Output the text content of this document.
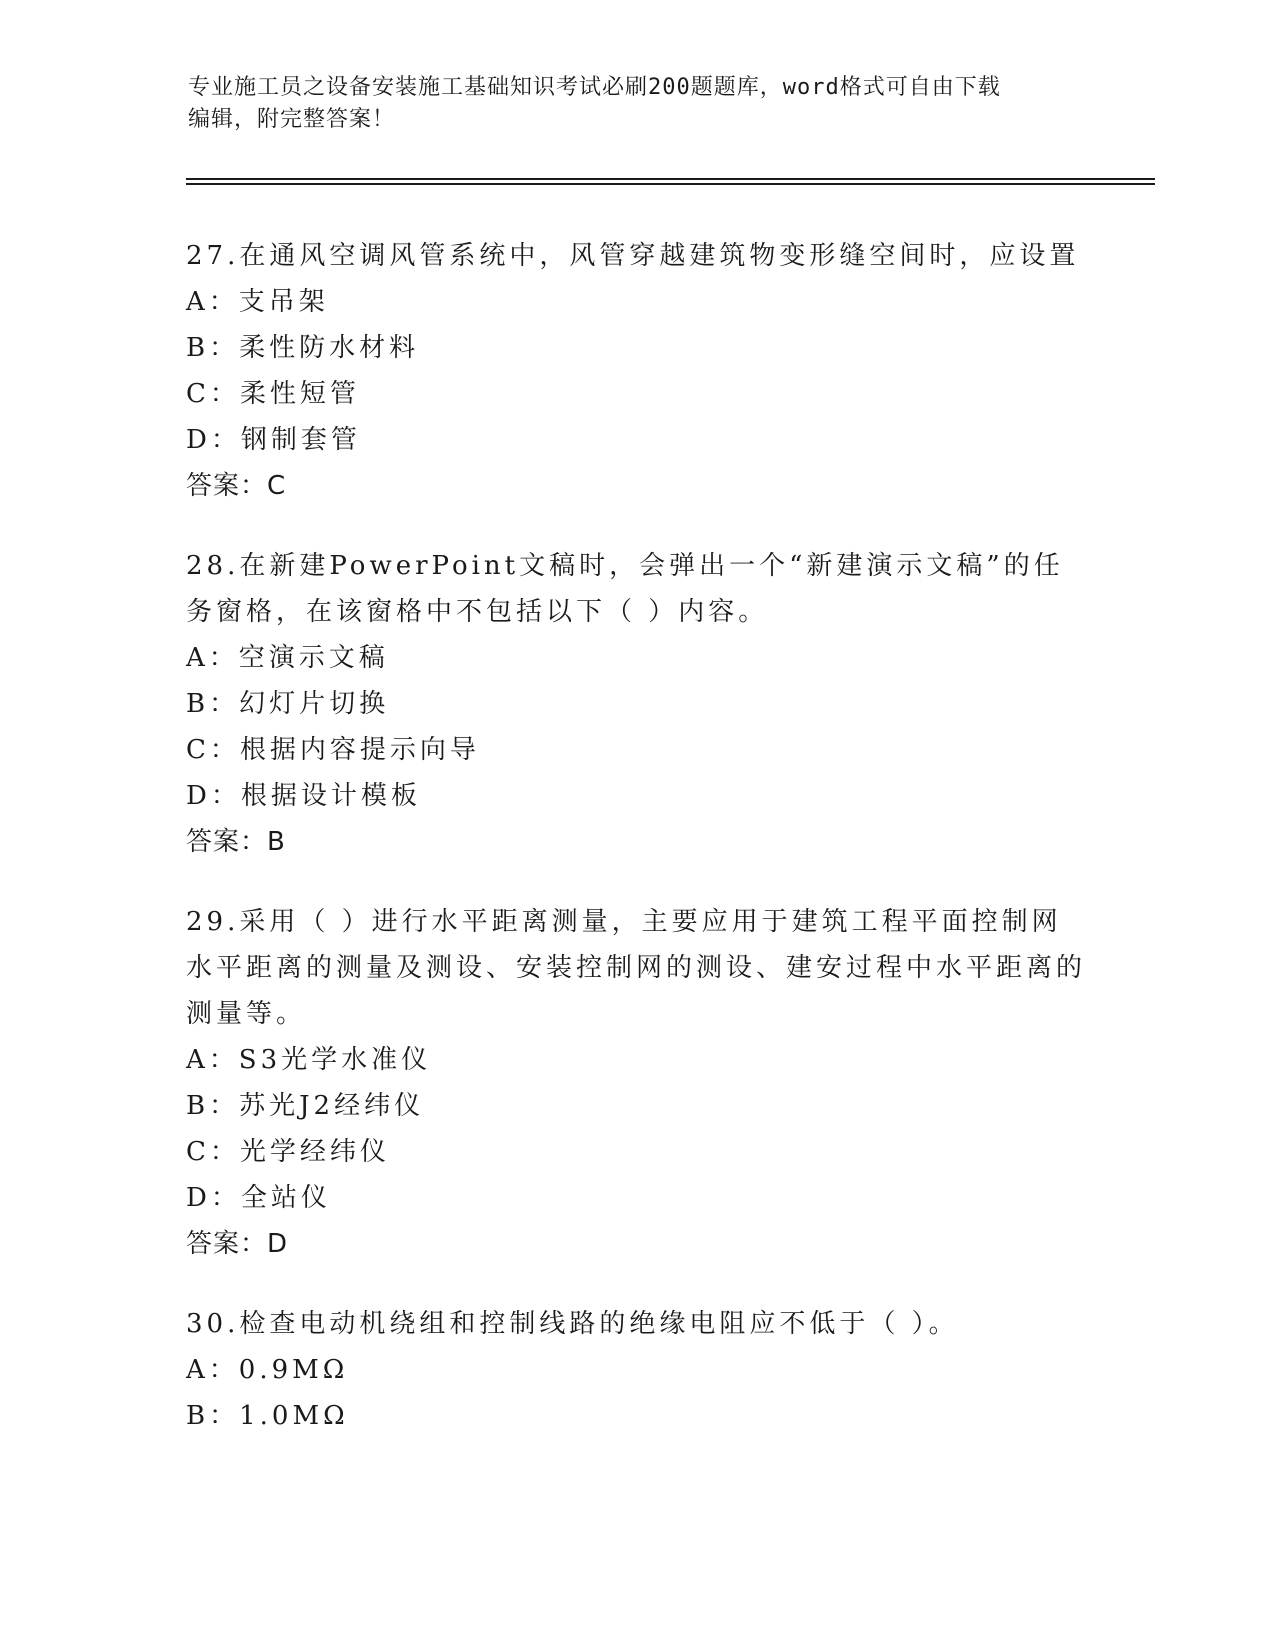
专业施工员之设备安装施工基础知识考试必刷200题题库，word格式可自由下载
编辑，附完整答案！
27.在通风空调风管系统中，风管穿越建筑物变形缝空间时，应设置
A：支吊架
B：柔性防水材料
C：柔性短管
D：钢制套管
答案：C
28.在新建PowerPoint文稿时，会弹出一个“新建演示文稿”的任务窗格，在该窗格中不包括以下（ ）内容。
A：空演示文稿
B：幻灯片切换
C：根据内容提示向导
D：根据设计模板
答案：B
29.采用（ ）进行水平距离测量，主要应用于建筑工程平面控制网水平距离的测量及测设、安装控制网的测设、建安过程中水平距离的测量等。
A：S3光学水准仪
B：苏光J2经纬仪
C：光学经纬仪
D：全站仪
答案：D
30.检查电动机绕组和控制线路的绝缘电阻应不低于（ ）。
A：0.9MΩ
B：1.0MΩ
